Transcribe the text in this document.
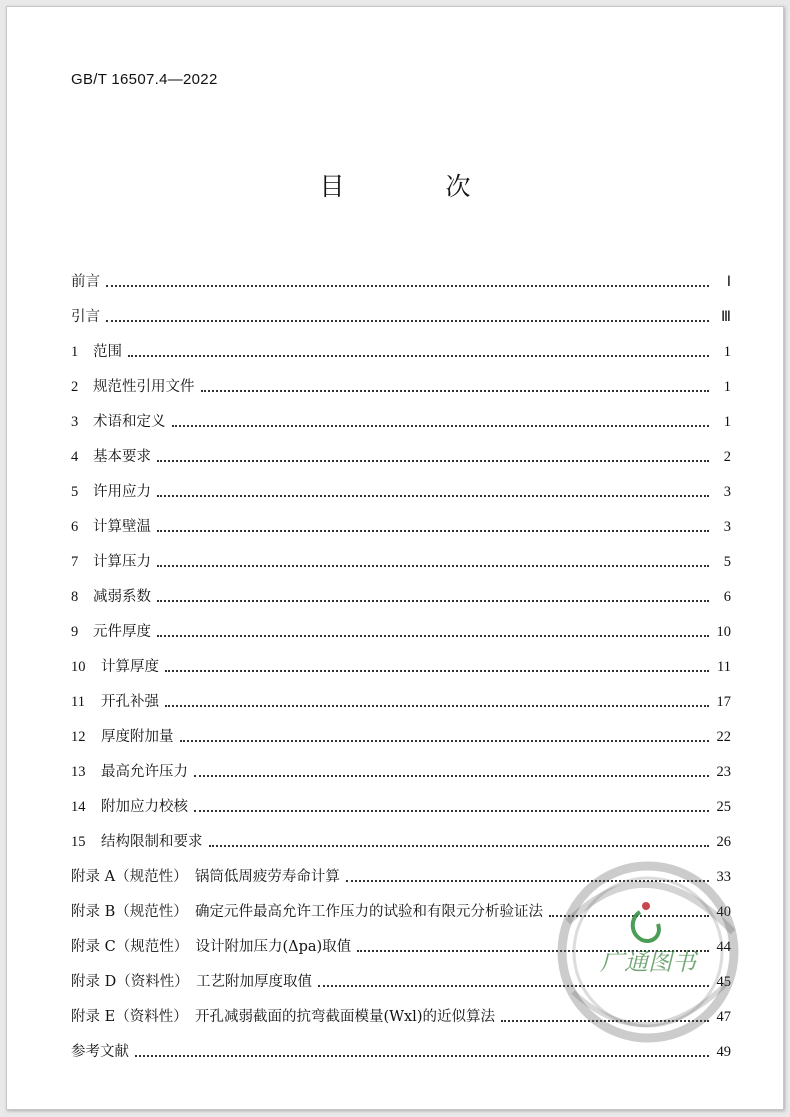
GB/T 16507.4—2022
目　次
前言	Ⅰ
引言	Ⅲ
1	范围	1
2	规范性引用文件	1
3	术语和定义	1
4	基本要求	2
5	许用应力	3
6	计算壁温	3
7	计算压力	5
8	减弱系数	6
9	元件厚度	10
10	计算厚度	11
11	开孔补强	17
12	厚度附加量	22
13	最高允许压力	23
14	附加应力校核	25
15	结构限制和要求	26
附录 A（规范性）　锅筒低周疲劳寿命计算	33
附录 B（规范性）　确定元件最高允许工作压力的试验和有限元分析验证法	40
附录 C（规范性）　设计附加压力(Δpa)取值	44
附录 D（资料性）　工艺附加厚度取值	45
附录 E（资料性）　开孔减弱截面的抗弯截面模量(Wxl)的近似算法	47
参考文献	49
广通图书
